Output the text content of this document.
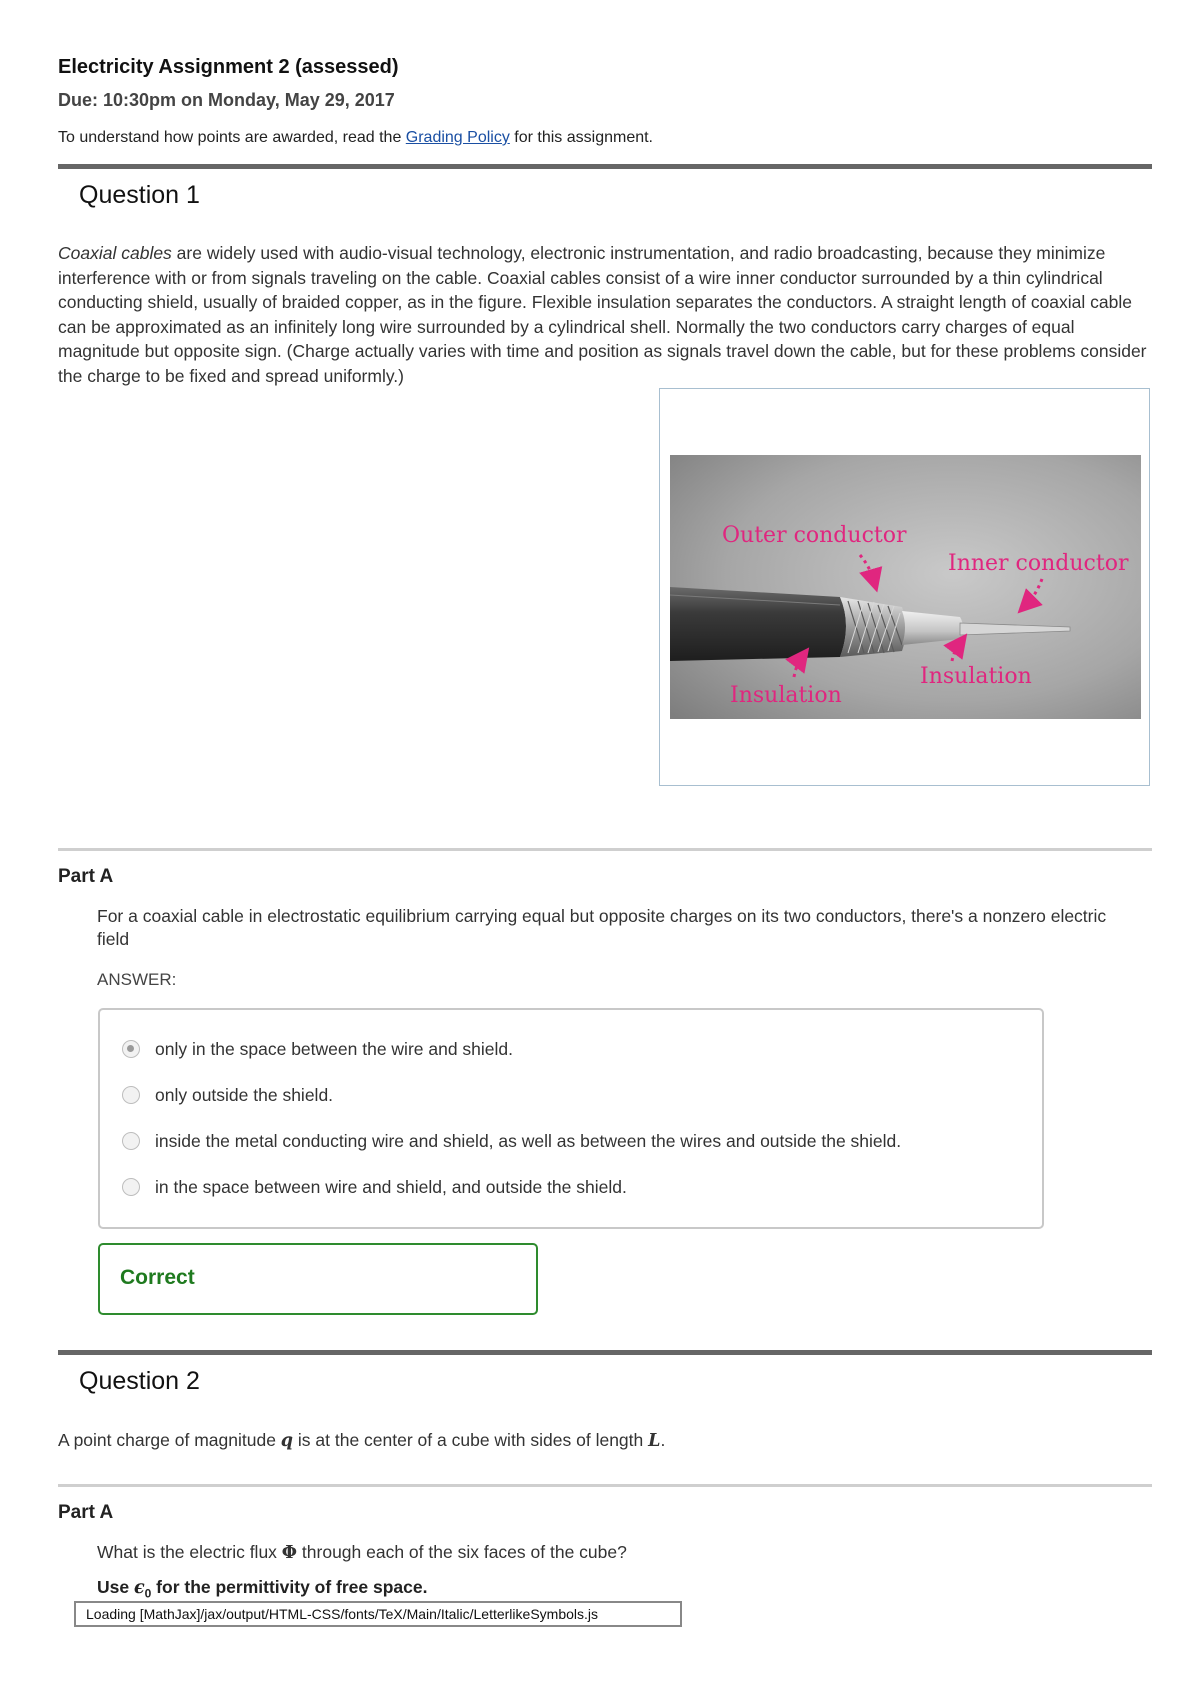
Electricity Assignment 2 (assessed)
Due: 10:30pm on Monday, May 29, 2017
To understand how points are awarded, read the Grading Policy for this assignment.
Question 1
Coaxial cables are widely used with audio-visual technology, electronic instrumentation, and radio broadcasting, because they minimize interference with or from signals traveling on the cable. Coaxial cables consist of a wire inner conductor surrounded by a thin cylindrical conducting shield, usually of braided copper, as in the figure. Flexible insulation separates the conductors. A straight length of coaxial cable can be approximated as an infinitely long wire surrounded by a cylindrical shell. Normally the two conductors carry charges of equal magnitude but opposite sign. (Charge actually varies with time and position as signals travel down the cable, but for these problems consider the charge to be fixed and spread uniformly.)
Outer conductor
Inner conductor
Insulation
Insulation
Part A
For a coaxial cable in electrostatic equilibrium carrying equal but opposite charges on its two conductors, there's a nonzero electric field
ANSWER:
only in the space between the wire and shield.
only outside the shield.
inside the metal conducting wire and shield, as well as between the wires and outside the shield.
in the space between wire and shield, and outside the shield.
Correct
Question 2
A point charge of magnitude q is at the center of a cube with sides of length L.
Part A
What is the electric flux Φ through each of the six faces of the cube?
Use $\epsilon_0$ for the permittivity of free space.
Loading [MathJax]/jax/output/HTML-CSS/fonts/TeX/Main/Italic/LetterlikeSymbols.js
